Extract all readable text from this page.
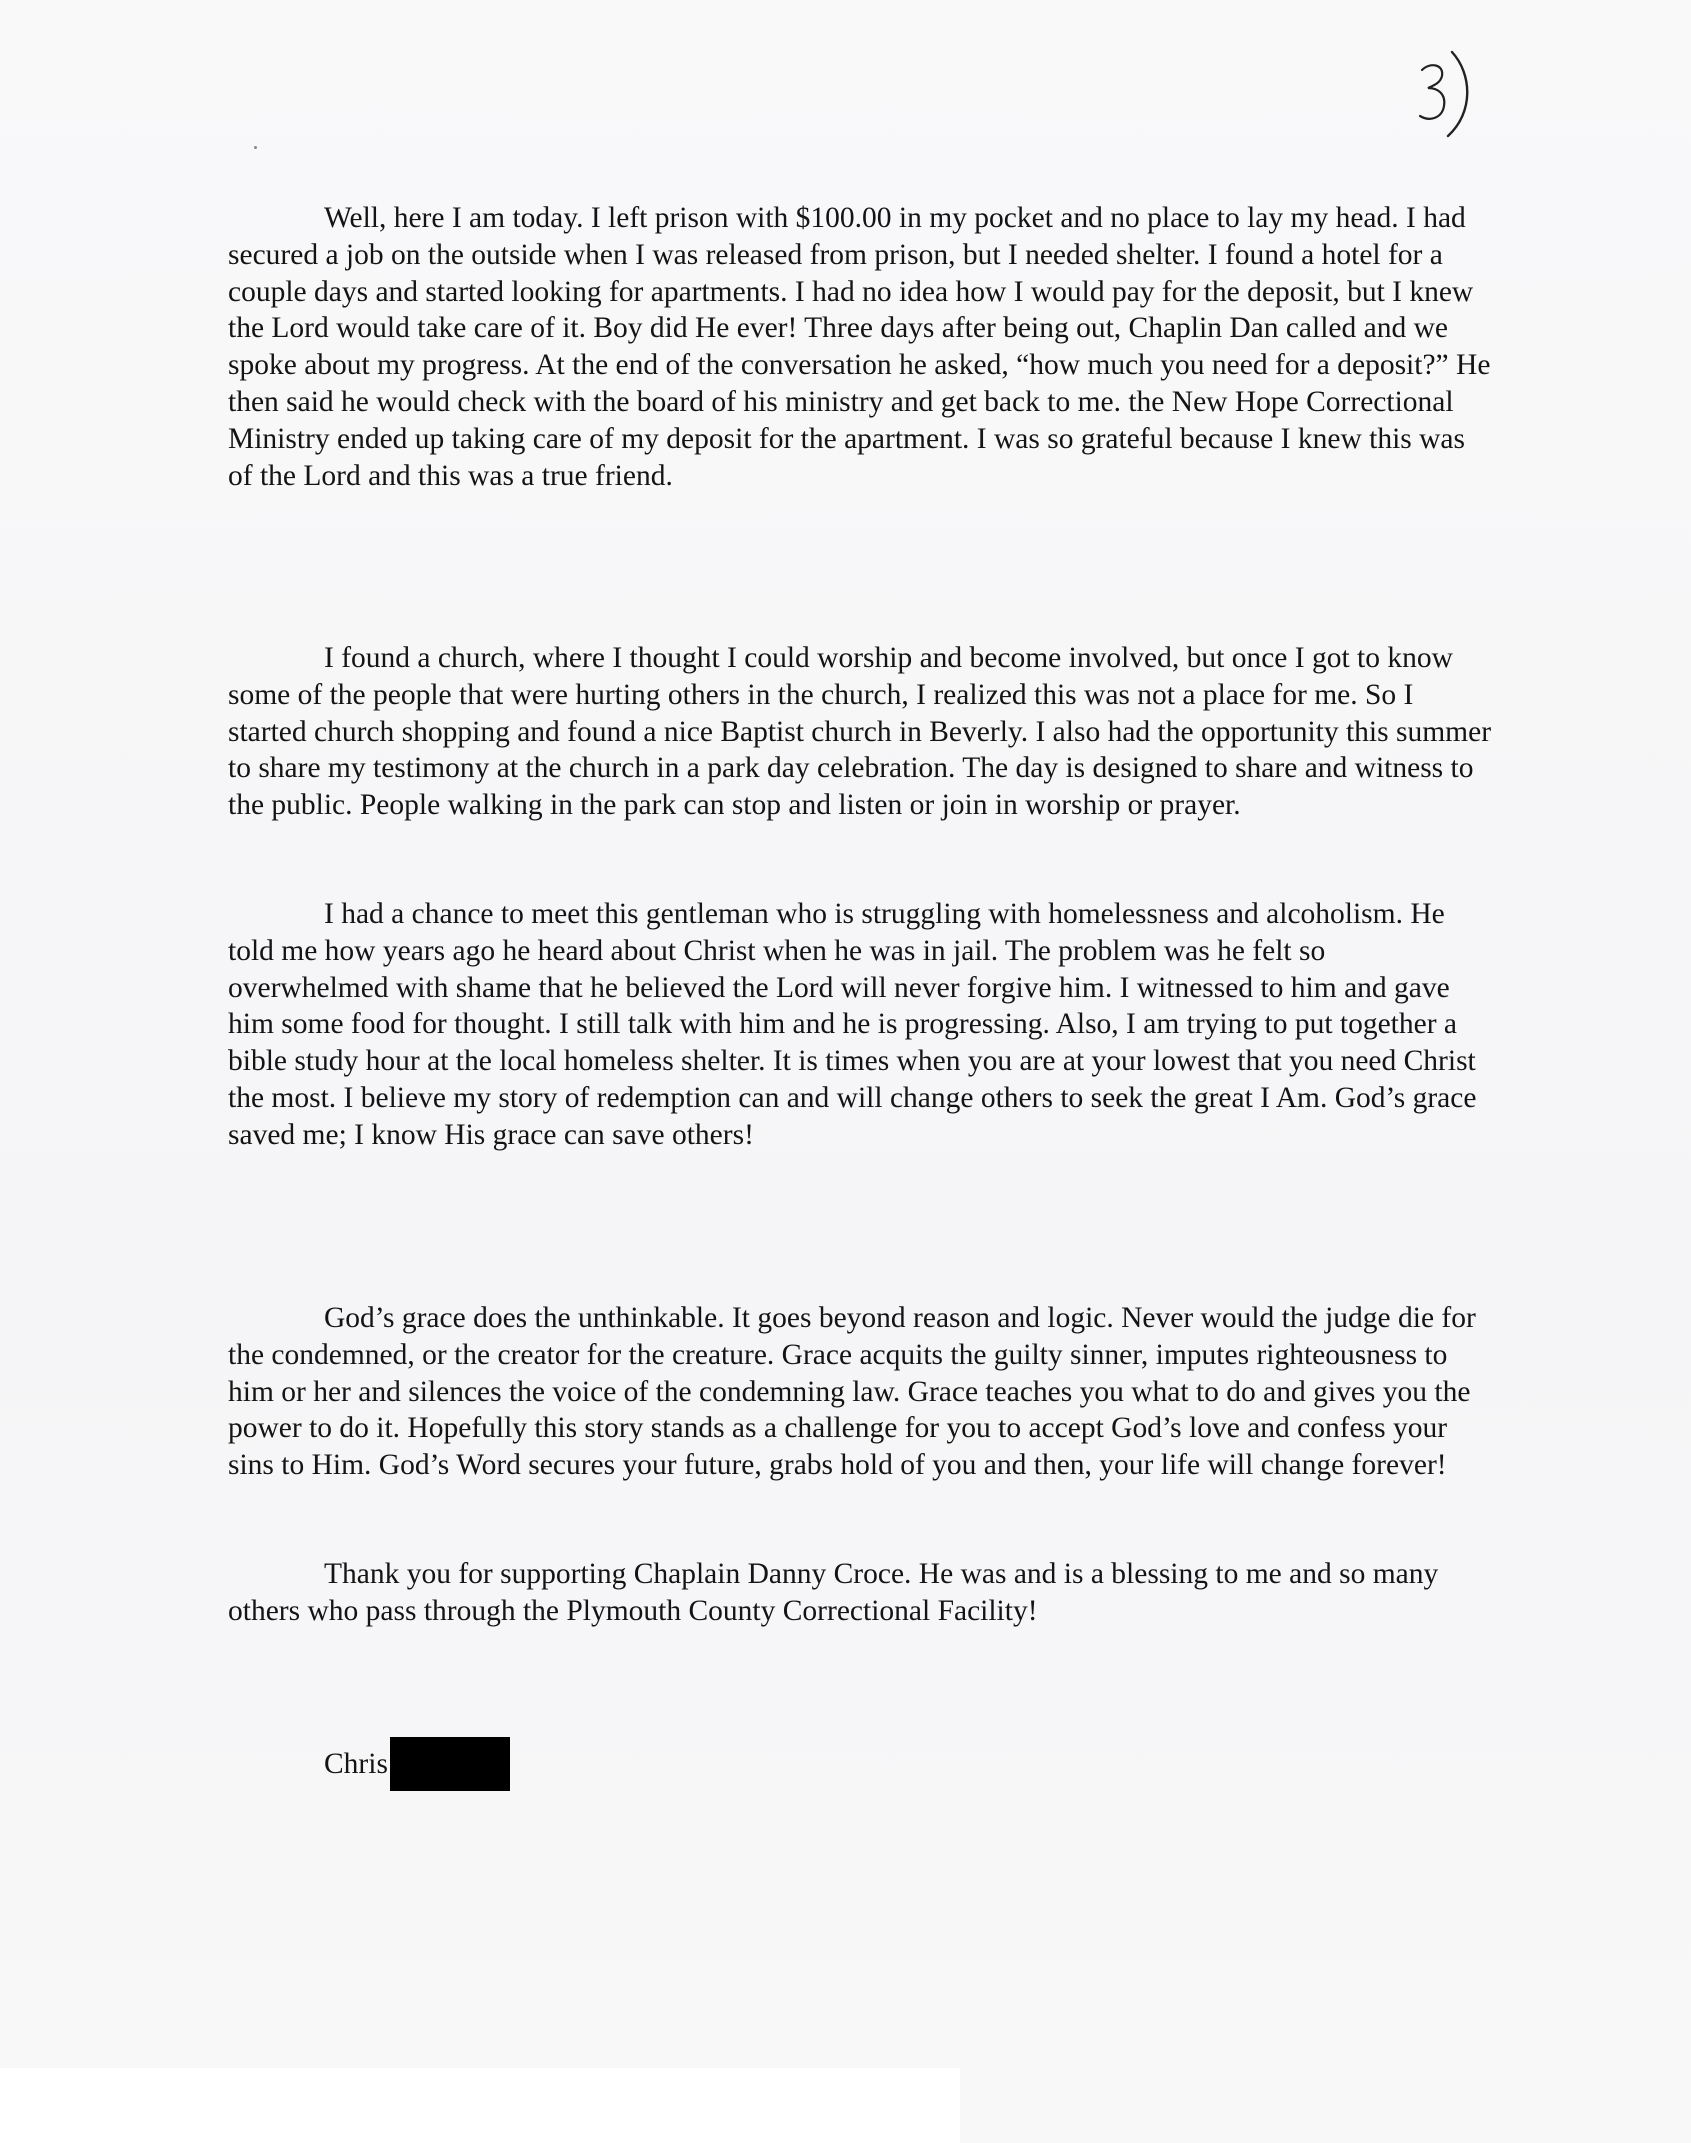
Well, here I am today. I left prison with $100.00 in my pocket and no place to lay my head. I had secured a job on the outside when I was released from prison, but I needed shelter. I found a hotel for a couple days and started looking for apartments. I had no idea how I would pay for the deposit, but I knew the Lord would take care of it. Boy did He ever! Three days after being out, Chaplin Dan called and we spoke about my progress. At the end of the conversation he asked, “how much you need for a deposit?” He then said he would check with the board of his ministry and get back to me. the New Hope Correctional Ministry ended up taking care of my deposit for the apartment. I was so grateful because I knew this was of the Lord and this was a true friend.

I found a church, where I thought I could worship and become involved, but once I got to know some of the people that were hurting others in the church, I realized this was not a place for me. So I started church shopping and found a nice Baptist church in Beverly. I also had the opportunity this summer to share my testimony at the church in a park day celebration. The day is designed to share and witness to the public. People walking in the park can stop and listen or join in worship or prayer.

I had a chance to meet this gentleman who is struggling with homelessness and alcoholism. He told me how years ago he heard about Christ when he was in jail. The problem was he felt so overwhelmed with shame that he believed the Lord will never forgive him. I witnessed to him and gave him some food for thought. I still talk with him and he is progressing. Also, I am trying to put together a bible study hour at the local homeless shelter. It is times when you are at your lowest that you need Christ the most. I believe my story of redemption can and will change others to seek the great I Am. God’s grace saved me; I know His grace can save others!

God’s grace does the unthinkable. It goes beyond reason and logic. Never would the judge die for the condemned, or the creator for the creature. Grace acquits the guilty sinner, imputes righteousness to him or her and silences the voice of the condemning law. Grace teaches you what to do and gives you the power to do it. Hopefully this story stands as a challenge for you to accept God’s love and confess your sins to Him. God’s Word secures your future, grabs hold of you and then, your life will change forever!

Thank you for supporting Chaplain Danny Croce. He was and is a blessing to me and so many others who pass through the Plymouth County Correctional Facility!

Chris
